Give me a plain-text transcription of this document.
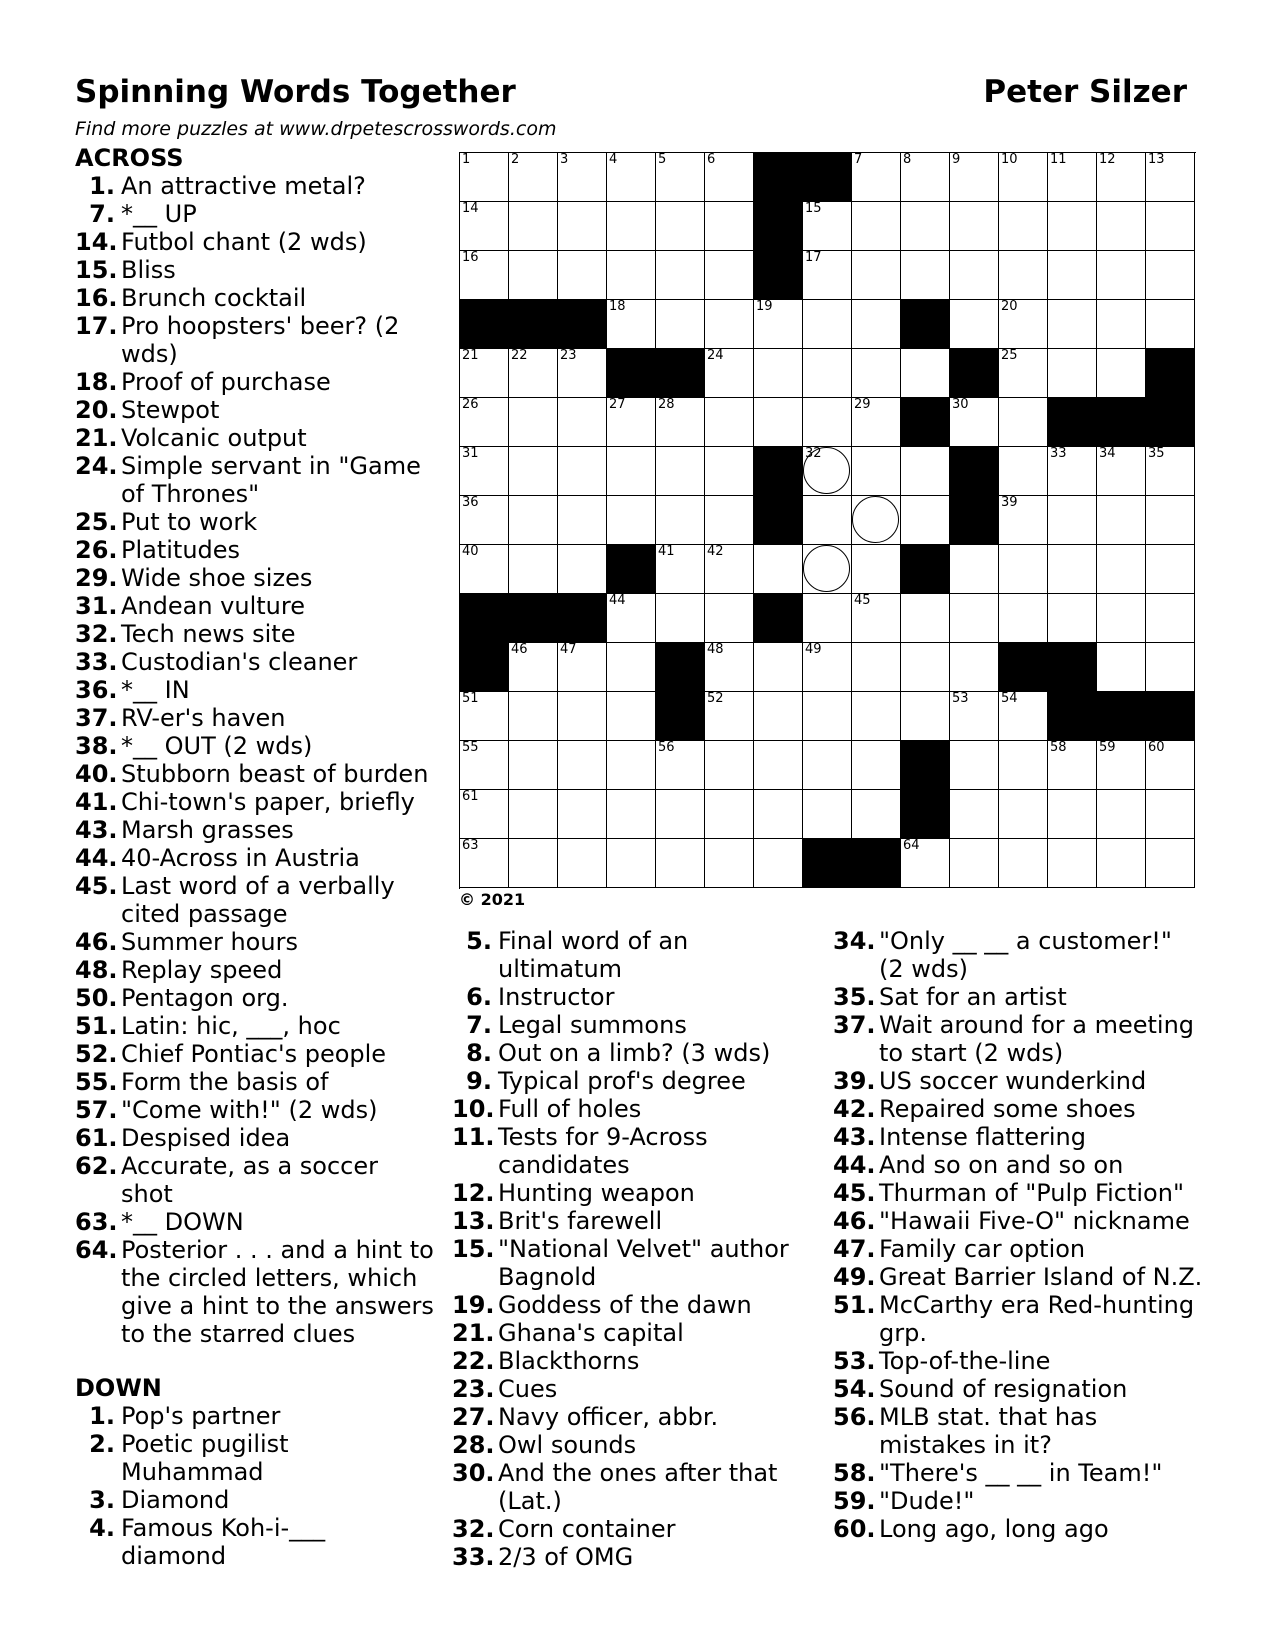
Spinning Words Together	Peter Silzer
Find more puzzles at www.drpetescrosswords.com
ACROSS
1. An attractive metal?
7. *__ UP
14. Futbol chant (2 wds)
15. Bliss
16. Brunch cocktail
17. Pro hoopsters' beer? (2 wds)
18. Proof of purchase
20. Stewpot
21. Volcanic output
24. Simple servant in "Game of Thrones"
25. Put to work
26. Platitudes
29. Wide shoe sizes
31. Andean vulture
32. Tech news site
33. Custodian's cleaner
36. *__ IN
37. RV-er's haven
38. *__ OUT (2 wds)
40. Stubborn beast of burden
41. Chi-town's paper, briefly
43. Marsh grasses
44. 40-Across in Austria
45. Last word of a verbally cited passage
46. Summer hours
48. Replay speed
50. Pentagon org.
51. Latin: hic, ___, hoc
52. Chief Pontiac's people
55. Form the basis of
57. "Come with!" (2 wds)
61. Despised idea
62. Accurate, as a soccer shot
63. *__ DOWN
64. Posterior . . . and a hint to the circled letters, which give a hint to the answers to the starred clues
DOWN
1. Pop's partner
2. Poetic pugilist Muhammad
3. Diamond
4. Famous Koh-i-___ diamond
1	2	3	4	5	6	7	8	9	10 11 12 13
14	15
16	17
18	19	20
21 22 23	24	25
26	27 28	29	30
31	32	33 34 35
36	37	38 39
40	41 42	43
44	45
46 47	48	49	50
51	52	53 54
55	56	57	58 59 60
61	62
63	64
© 2021
5. Final word of an ultimatum
6. Instructor
7. Legal summons
8. Out on a limb? (3 wds)
9. Typical prof's degree
10. Full of holes
11. Tests for 9-Across candidates
12. Hunting weapon
13. Brit's farewell
15. "National Velvet" author Bagnold
19. Goddess of the dawn
21. Ghana's capital
22. Blackthorns
23. Cues
27. Navy officer, abbr.
28. Owl sounds
30. And the ones after that (Lat.)
32. Corn container
33. 2/3 of OMG
34. "Only __ __ a customer!" (2 wds)
35. Sat for an artist
37. Wait around for a meeting to start (2 wds)
39. US soccer wunderkind
42. Repaired some shoes
43. Intense flattering
44. And so on and so on
45. Thurman of "Pulp Fiction"
46. "Hawaii Five-O" nickname
47. Family car option
49. Great Barrier Island of N.Z.
51. McCarthy era Red-hunting grp.
53. Top-of-the-line
54. Sound of resignation
56. MLB stat. that has mistakes in it?
58. "There's __ __ in Team!"
59. "Dude!"
60. Long ago, long ago
